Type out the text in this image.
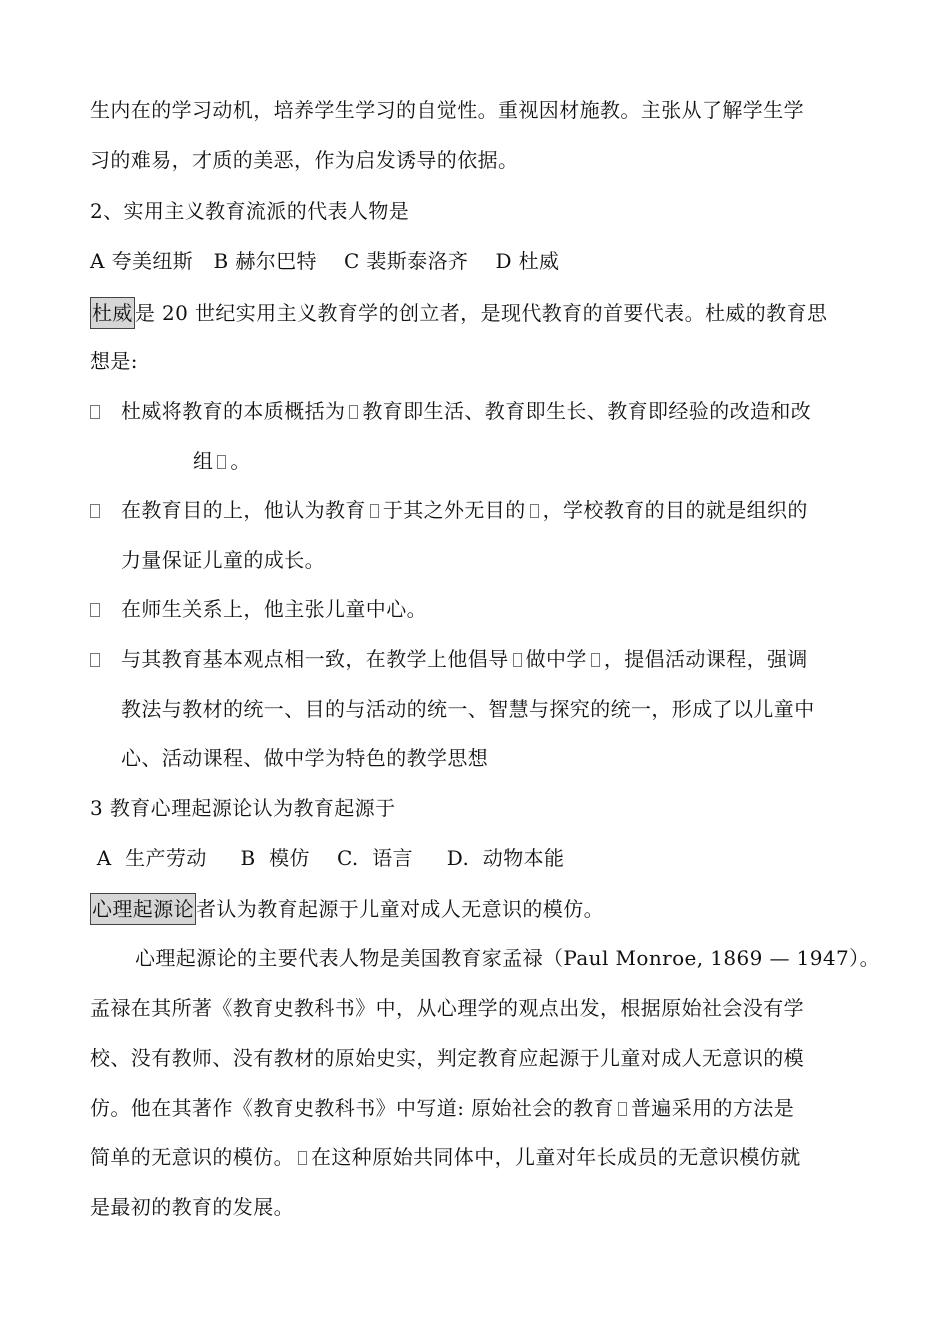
生内在的学习动机，培养学生学习的自觉性。重视因材施教。主张从了解学生学
习的难易，才质的美恶，作为启发诱导的依据。
2、实用主义教育流派的代表人物是
A 夸美纽斯   B 赫尔巴特    C 裴斯泰洛齐    D 杜威
杜威 是 20 世纪实用主义教育学的创立者，是现代教育的首要代表。杜威的教育思
想是:
杜威将教育的本质概括为 教育即生活、教育即生长、教育即经验的改造和改
组 。
在教育目的上，他认为教育 于其之外无目的 ，学校教育的目的就是组织的
力量保证儿童的成长。
在师生关系上，他主张儿童中心。
与其教育基本观点相一致，在教学上他倡导 做中学 ，提倡活动课程，强调
教法与教材的统一、目的与活动的统一、智慧与探究的统一，形成了以儿童中
心、活动课程、做中学为特色的教学思想
3 教育心理起源论认为教育起源于
A  生产劳动     B  模仿    C.  语言     D.  动物本能
心理起源论 者认为教育起源于儿童对成人无意识的模仿。
心理起源论的主要代表人物是美国教育家孟禄（Paul Monroe, 1869 — 1947）。
孟禄在其所著《教育史教科书》中，从心理学的观点出发，根据原始社会没有学
校、没有教师、没有教材的原始史实，判定教育应起源于儿童对成人无意识的模
仿。他在其著作《教育史教科书》中写道: 原始社会的教育 普遍采用的方法是
简单的无意识的模仿。 在这种原始共同体中，儿童对年长成员的无意识模仿就
是最初的教育的发展。
